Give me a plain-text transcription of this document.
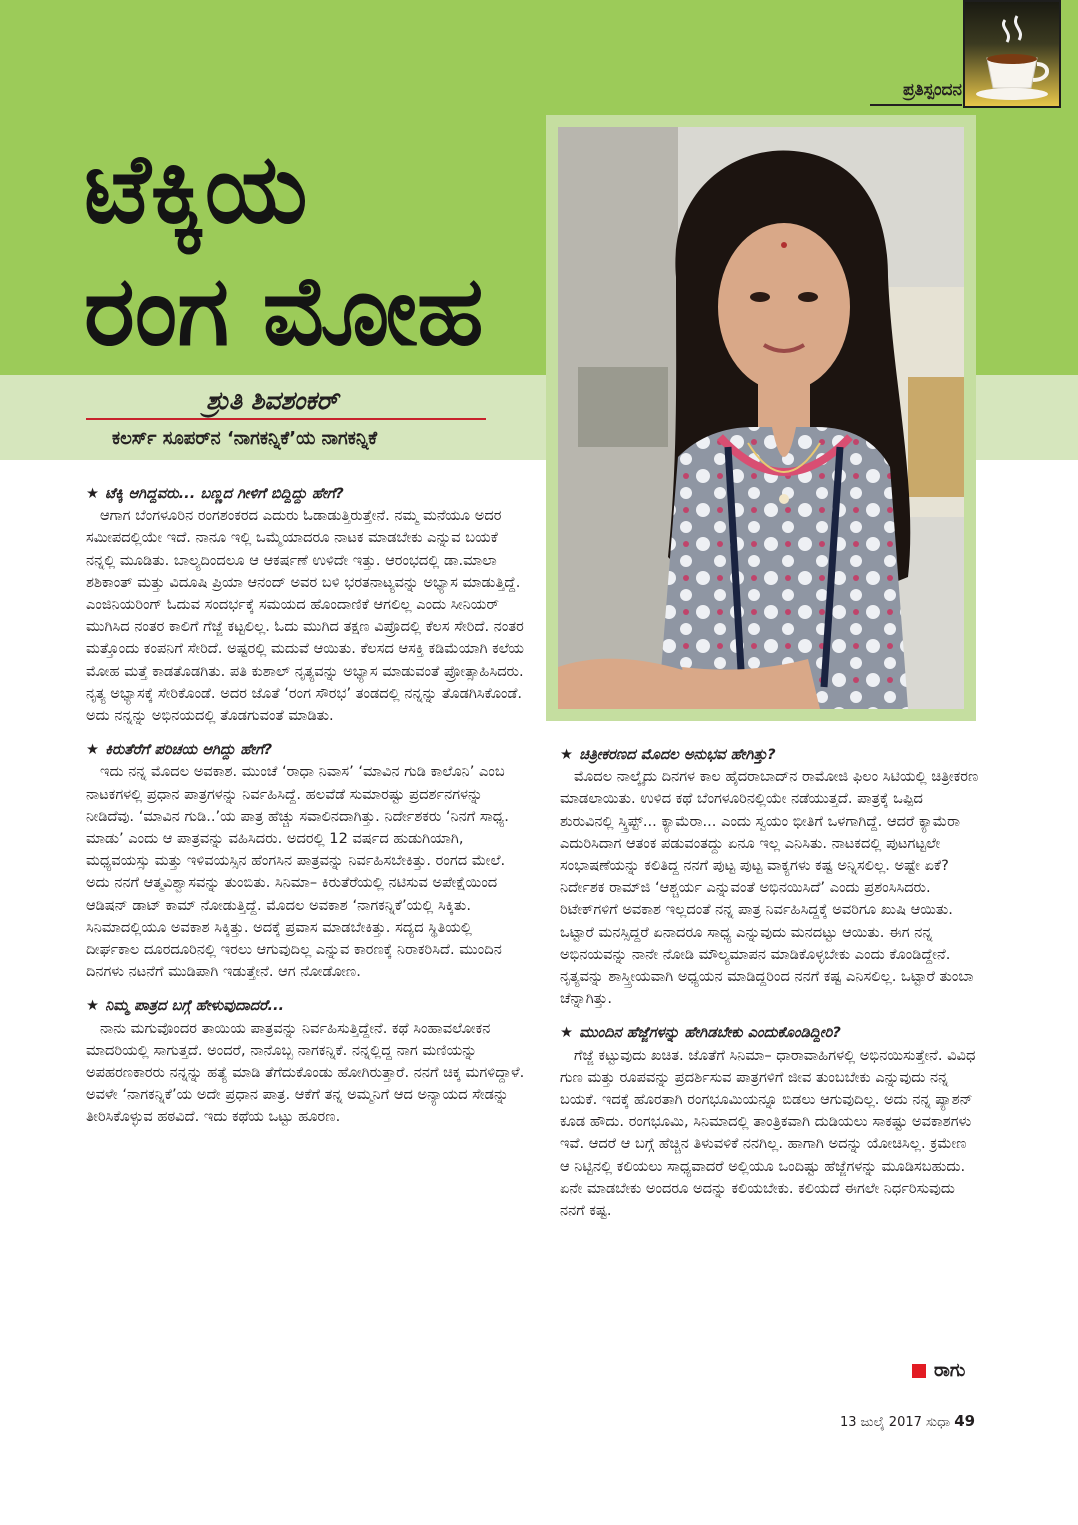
ಪ್ರತಿಸ್ಪಂದನ
ಟೆಕ್ಕಿಯ
ರಂಗ ಮೋಹ
ಶ್ರುತಿ ಶಿವಶಂಕರ್
ಕಲರ್ಸ್ ಸೂಪರ್‌ನ ‘ನಾಗಕನ್ನಿಕೆ’ಯ ನಾಗಕನ್ನಿಕೆ

★ ಟೆಕ್ಕಿ ಆಗಿದ್ದವರು... ಬಣ್ಣದ ಗೀಳಿಗೆ ಬಿದ್ದಿದ್ದು ಹೇಗೆ?

ಆಗಾಗ ಬೆಂಗಳೂರಿನ ರಂಗಶಂಕರದ ಎದುರು ಓಡಾಡುತ್ತಿರುತ್ತೇನೆ. ನಮ್ಮ ಮನೆಯೂ ಅದರ ಸಮೀಪದಲ್ಲಿಯೇ ಇದೆ. ನಾನೂ ಇಲ್ಲಿ ಒಮ್ಮೆಯಾದರೂ ನಾಟಕ ಮಾಡಬೇಕು ಎನ್ನುವ ಬಯಕೆ ನನ್ನಲ್ಲಿ ಮೂಡಿತು. ಬಾಲ್ಯದಿಂದಲೂ ಆ ಆಕರ್ಷಣೆ ಉಳಿದೇ ಇತ್ತು. ಆರಂಭದಲ್ಲಿ ಡಾ.ಮಾಲಾ ಶಶಿಕಾಂತ್ ಮತ್ತು ವಿದೂಷಿ ಪ್ರಿಯಾ ಆನಂದ್ ಅವರ ಬಳಿ ಭರತನಾಟ್ಯವನ್ನು ಅಭ್ಯಾಸ ಮಾಡುತ್ತಿದ್ದೆ. ಎಂಜಿನಿಯರಿಂಗ್ ಓದುವ ಸಂದರ್ಭಕ್ಕೆ ಸಮಯದ ಹೊಂದಾಣಿಕೆ ಆಗಲಿಲ್ಲ ಎಂದು ಸೀನಿಯರ್ ಮುಗಿಸಿದ ನಂತರ ಕಾಲಿಗೆ ಗೆಜ್ಜೆ ಕಟ್ಟಲಿಲ್ಲ. ಓದು ಮುಗಿದ ತಕ್ಷಣ ವಿಪ್ರೊದಲ್ಲಿ ಕೆಲಸ ಸೇರಿದೆ. ನಂತರ ಮತ್ತೊಂದು ಕಂಪನಿಗೆ ಸೇರಿದೆ. ಅಷ್ಟರಲ್ಲಿ ಮದುವೆ ಆಯಿತು. ಕೆಲಸದ ಆಸಕ್ತಿ ಕಡಿಮೆಯಾಗಿ ಕಲೆಯ ಮೋಹ ಮತ್ತೆ ಕಾಡತೊಡಗಿತು. ಪತಿ ಕುಶಾಲ್ ನೃತ್ಯವನ್ನು ಅಭ್ಯಾಸ ಮಾಡುವಂತೆ ಪ್ರೋತ್ಸಾಹಿಸಿದರು. ನೃತ್ಯ ಅಭ್ಯಾಸಕ್ಕೆ ಸೇರಿಕೊಂಡೆ. ಅದರ ಜೊತೆ ‘ರಂಗ ಸೌರಭ’ ತಂಡದಲ್ಲಿ ನನ್ನನ್ನು ತೊಡಗಿಸಿಕೊಂಡೆ. ಅದು ನನ್ನನ್ನು ಅಭಿನಯದಲ್ಲಿ ತೊಡಗುವಂತೆ ಮಾಡಿತು.

★ ಕಿರುತೆರೆಗೆ ಪರಿಚಯ ಆಗಿದ್ದು ಹೇಗೆ?

ಇದು ನನ್ನ ಮೊದಲ ಅವಕಾಶ. ಮುಂಚೆ ‘ರಾಧಾ ನಿವಾಸ’ ‘ಮಾವಿನ ಗುಡಿ ಕಾಲೊನಿ’ ಎಂಬ ನಾಟಕಗಳಲ್ಲಿ ಪ್ರಧಾನ ಪಾತ್ರಗಳನ್ನು ನಿರ್ವಹಿಸಿದ್ದೆ. ಹಲವೆಡೆ ಸುಮಾರಷ್ಟು ಪ್ರದರ್ಶನಗಳನ್ನು ನೀಡಿದೆವು. ‘ಮಾವಿನ ಗುಡಿ..’ಯ ಪಾತ್ರ ಹೆಚ್ಚು ಸವಾಲಿನದಾಗಿತ್ತು. ನಿರ್ದೇಶಕರು ‘ನಿನಗೆ ಸಾಧ್ಯ. ಮಾಡು’ ಎಂದು ಆ ಪಾತ್ರವನ್ನು ವಹಿಸಿದರು. ಅದರಲ್ಲಿ 12 ವರ್ಷದ ಹುಡುಗಿಯಾಗಿ, ಮಧ್ಯವಯಸ್ಸು ಮತ್ತು ಇಳಿವಯಸ್ಸಿನ ಹೆಂಗಸಿನ ಪಾತ್ರವನ್ನು ನಿರ್ವಹಿಸಬೇಕಿತ್ತು. ರಂಗದ ಮೇಲೆ. ಅದು ನನಗೆ ಆತ್ಮವಿಶ್ವಾಸವನ್ನು ತುಂಬಿತು. ಸಿನಿಮಾ– ಕಿರುತೆರೆಯಲ್ಲಿ ನಟಿಸುವ ಅಪೇಕ್ಷೆಯಿಂದ ಆಡಿಷನ್ ಡಾಟ್ ಕಾಮ್ ನೋಡುತ್ತಿದ್ದೆ. ಮೊದಲ ಅವಕಾಶ ‘ನಾಗಕನ್ನಿಕೆ’ಯಲ್ಲಿ ಸಿಕ್ಕಿತು. ಸಿನಿಮಾದಲ್ಲಿಯೂ ಅವಕಾಶ ಸಿಕ್ಕಿತ್ತು. ಅದಕ್ಕೆ ಪ್ರವಾಸ ಮಾಡಬೇಕಿತ್ತು. ಸದ್ಯದ ಸ್ಥಿತಿಯಲ್ಲಿ ದೀರ್ಘಕಾಲ ದೂರದೂರಿನಲ್ಲಿ ಇರಲು ಆಗುವುದಿಲ್ಲ ಎನ್ನುವ ಕಾರಣಕ್ಕೆ ನಿರಾಕರಿಸಿದೆ. ಮುಂದಿನ ದಿನಗಳು ನಟನೆಗೆ ಮುಡಿಪಾಗಿ ಇಡುತ್ತೇನೆ. ಆಗ ನೋಡೋಣ.

★ ನಿಮ್ಮ ಪಾತ್ರದ ಬಗ್ಗೆ ಹೇಳುವುದಾದರೆ...

ನಾನು ಮಗುವೊಂದರ ತಾಯಿಯ ಪಾತ್ರವನ್ನು ನಿರ್ವಹಿಸುತ್ತಿದ್ದೇನೆ. ಕಥೆ ಸಿಂಹಾವಲೋಕನ ಮಾದರಿಯಲ್ಲಿ ಸಾಗುತ್ತದೆ. ಅಂದರೆ, ನಾನೊಬ್ಬ ನಾಗಕನ್ನಿಕೆ. ನನ್ನಲ್ಲಿದ್ದ ನಾಗ ಮಣಿಯನ್ನು ಅಪಹರಣಕಾರರು ನನ್ನನ್ನು ಹತ್ಯೆ ಮಾಡಿ ತೆಗೆದುಕೊಂಡು ಹೋಗಿರುತ್ತಾರೆ. ನನಗೆ ಚಿಕ್ಕ ಮಗಳಿದ್ದಾಳೆ. ಅವಳೇ ‘ನಾಗಕನ್ನಿಕೆ’ಯ ಅದೇ ಪ್ರಧಾನ ಪಾತ್ರ. ಆಕೆಗೆ ತನ್ನ ಅಮ್ಮನಿಗೆ ಆದ ಅನ್ಯಾಯದ ಸೇಡನ್ನು ತೀರಿಸಿಕೊಳ್ಳುವ ಹಠವಿದೆ. ಇದು ಕಥೆಯ ಒಟ್ಟು ಹೂರಣ.

★ ಚಿತ್ರೀಕರಣದ ಮೊದಲ ಅನುಭವ ಹೇಗಿತ್ತು?

ಮೊದಲ ನಾಲ್ಕೈದು ದಿನಗಳ ಕಾಲ ಹೈದರಾಬಾದ್‌ನ ರಾಮೋಜಿ ಫಿಲಂ ಸಿಟಿಯಲ್ಲಿ ಚಿತ್ರೀಕರಣ ಮಾಡಲಾಯಿತು. ಉಳಿದ ಕಥೆ ಬೆಂಗಳೂರಿನಲ್ಲಿಯೇ ನಡೆಯುತ್ತದೆ. ಪಾತ್ರಕ್ಕೆ ಒಪ್ಪಿದ ಶುರುವಿನಲ್ಲಿ ಸ್ಕ್ರಿಪ್ಟ್... ಕ್ಯಾಮೆರಾ... ಎಂದು ಸ್ವಯಂ ಭೀತಿಗೆ ಒಳಗಾಗಿದ್ದೆ. ಆದರೆ ಕ್ಯಾಮೆರಾ ಎದುರಿಸಿದಾಗ ಆತಂಕ ಪಡುವಂತದ್ದು ಏನೂ ಇಲ್ಲ ಎನಿಸಿತು. ನಾಟಕದಲ್ಲಿ ಪುಟಗಟ್ಟಲೇ ಸಂಭಾಷಣೆಯನ್ನು ಕಲಿತಿದ್ದ ನನಗೆ ಪುಟ್ಟ ಪುಟ್ಟ ವಾಕ್ಯಗಳು ಕಷ್ಟ ಅನ್ನಿಸಲಿಲ್ಲ. ಅಷ್ಟೇ ಏಕೆ? ನಿರ್ದೇಶಕ ರಾಮ್‌ಜಿ ‘ಆಶ್ಚರ್ಯ ಎನ್ನುವಂತೆ ಅಭಿನಯಿಸಿದೆ’ ಎಂದು ಪ್ರಶಂಸಿಸಿದರು. ರಿಟೇಕ್‌ಗಳಿಗೆ ಅವಕಾಶ ಇಲ್ಲದಂತೆ ನನ್ನ ಪಾತ್ರ ನಿರ್ವಹಿಸಿದ್ದಕ್ಕೆ ಅವರಿಗೂ ಖುಷಿ ಆಯಿತು. ಒಟ್ಟಾರೆ ಮನಸ್ಸಿದ್ದರೆ ಏನಾದರೂ ಸಾಧ್ಯ ಎನ್ನುವುದು ಮನದಟ್ಟು ಆಯಿತು. ಈಗ ನನ್ನ ಅಭಿನಯವನ್ನು ನಾನೇ ನೋಡಿ ಮೌಲ್ಯಮಾಪನ ಮಾಡಿಕೊಳ್ಳಬೇಕು ಎಂದು ಕೊಂಡಿದ್ದೇನೆ. ನೃತ್ಯವನ್ನು ಶಾಸ್ತ್ರೀಯವಾಗಿ ಅಧ್ಯಯನ ಮಾಡಿದ್ದರಿಂದ ನನಗೆ ಕಷ್ಟ ಎನಿಸಲಿಲ್ಲ. ಒಟ್ಟಾರೆ ತುಂಬಾ ಚೆನ್ನಾಗಿತ್ತು.

★ ಮುಂದಿನ ಹೆಜ್ಜೆಗಳನ್ನು ಹೇಗಿಡಬೇಕು ಎಂದುಕೊಂಡಿದ್ದೀರಿ?

ಗೆಜ್ಜೆ ಕಟ್ಟುವುದು ಖಚಿತ. ಜೊತೆಗೆ ಸಿನಿಮಾ– ಧಾರಾವಾಹಿಗಳಲ್ಲಿ ಅಭಿನಯಿಸುತ್ತೇನೆ. ವಿವಿಧ ಗುಣ ಮತ್ತು ರೂಪವನ್ನು ಪ್ರದರ್ಶಿಸುವ ಪಾತ್ರಗಳಿಗೆ ಜೀವ ತುಂಬಬೇಕು ಎನ್ನುವುದು ನನ್ನ ಬಯಕೆ. ಇದಕ್ಕೆ ಹೊರತಾಗಿ ರಂಗಭೂಮಿಯನ್ನೂ ಬಿಡಲು ಆಗುವುದಿಲ್ಲ. ಅದು ನನ್ನ ಪ್ಯಾಶನ್ ಕೂಡ ಹೌದು. ರಂಗಭೂಮಿ, ಸಿನಿಮಾದಲ್ಲಿ ತಾಂತ್ರಿಕವಾಗಿ ದುಡಿಯಲು ಸಾಕಷ್ಟು ಅವಕಾಶಗಳು ಇವೆ. ಆದರೆ ಆ ಬಗ್ಗೆ ಹೆಚ್ಚಿನ ತಿಳುವಳಿಕೆ ನನಗಿಲ್ಲ. ಹಾಗಾಗಿ ಅದನ್ನು ಯೋಚಿಸಿಲ್ಲ. ಕ್ರಮೇಣ ಆ ನಿಟ್ಟಿನಲ್ಲಿ ಕಲಿಯಲು ಸಾಧ್ಯವಾದರೆ ಅಲ್ಲಿಯೂ ಒಂದಿಷ್ಟು ಹೆಜ್ಜೆಗಳನ್ನು ಮೂಡಿಸಬಹುದು. ಏನೇ ಮಾಡಬೇಕು ಅಂದರೂ ಅದನ್ನು ಕಲಿಯಬೇಕು. ಕಲಿಯದೆ ಈಗಲೇ ನಿರ್ಧರಿಸುವುದು ನನಗೆ ಕಷ್ಟ.

ರಾಗು
13 ಜುಲೈ 2017 ಸುಧಾ 49
